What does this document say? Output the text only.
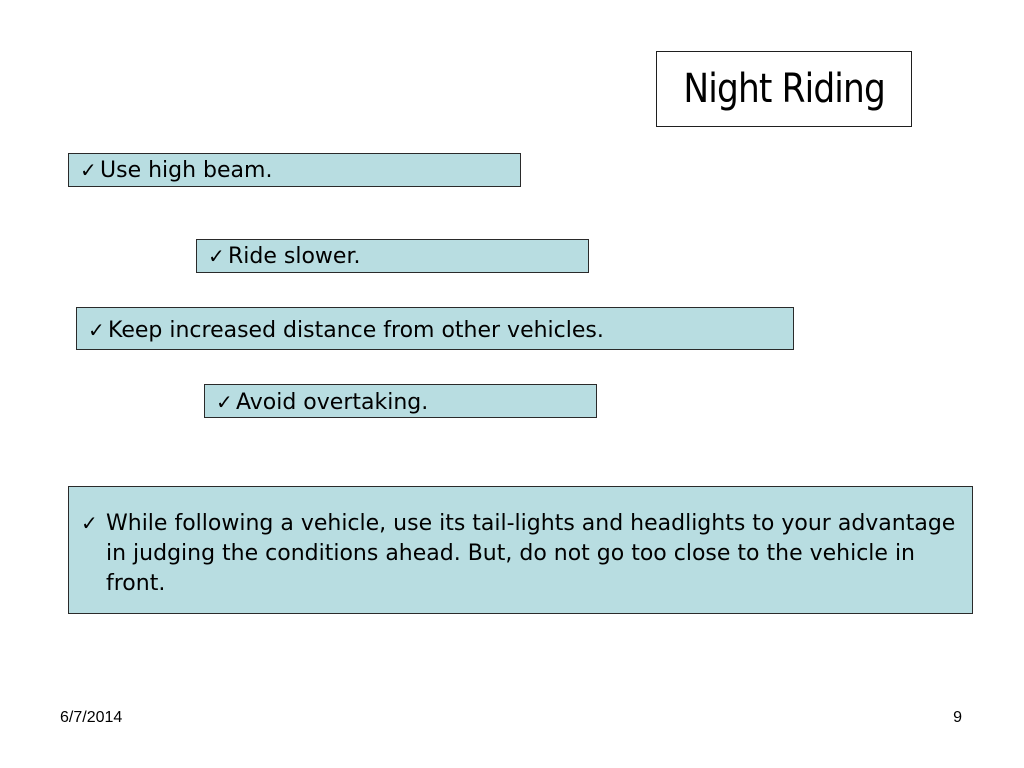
Night Riding
✓ Use high beam.
✓ Ride slower.
✓ Keep increased distance from other vehicles.
✓ Avoid overtaking.
✓ While following a vehicle, use its tail-lights and headlights to your advantage in judging the conditions ahead. But, do not go too close to the vehicle in front.
6/7/2014	9
